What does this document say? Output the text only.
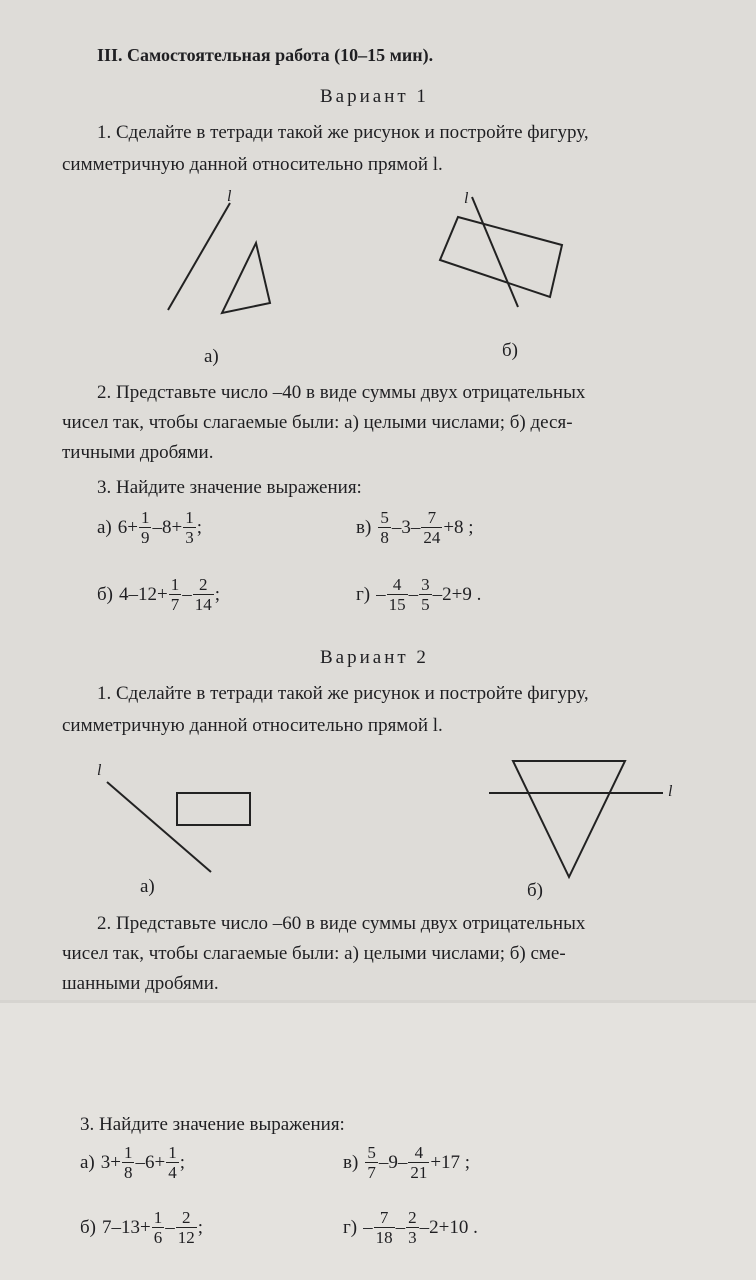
III. Самостоятельная работа (10–15 мин).
Вариант 1
1. Сделайте в тетради такой же рисунок и постройте фигуру,
симметричную данной относительно прямой l.
l	l
а)	б)
2. Представьте число –40 в виде суммы двух отрицательных
чисел так, чтобы слагаемые были: а) целыми числами; б) деся-
тичными дробями.
3. Найдите значение выражения:
а) $6+ \frac{1}{9} -8+ \frac{1}{3}$ ;	$в) \frac{5}{8} -3- \frac{7}{24} +8$ ;
б) $4-12+ \frac{1}{7} - \frac{2}{14}$ ;	$г) - \frac{4}{15} - \frac{3}{5} -2+9$ .
Вариант 2
1. Сделайте в тетради такой же рисунок и постройте фигуру,
симметричную данной относительно прямой l.
l
l
а)	б)
2. Представьте число –60 в виде суммы двух отрицательных
чисел так, чтобы слагаемые были: а) целыми числами; б) сме-
шанными дробями.
3. Найдите значение выражения:
а) $3+ \frac{1}{8} -6+ \frac{1}{4}$ ;	$в) \frac{5}{7} -9- \frac{4}{21} +17$ ;
б) $7-13+ \frac{1}{6} - \frac{2}{12}$ ;	$г) - \frac{7}{18} - \frac{2}{3} -2+10$ .
